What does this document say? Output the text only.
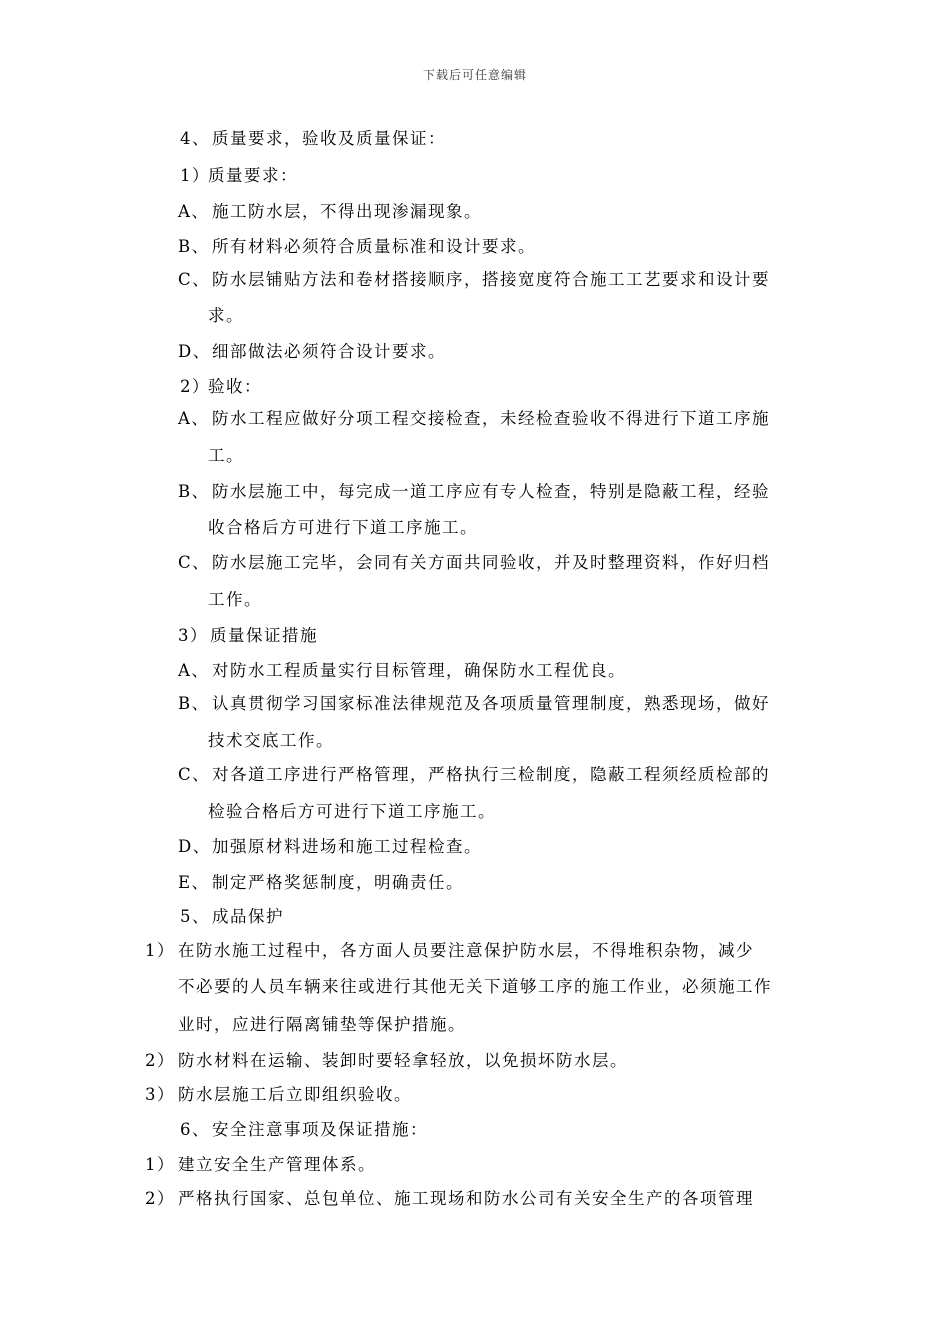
下载后可任意编辑
4、 质量要求，验收及质量保证：
1）
质量要求：
A、 施工防水层，不得出现渗漏现象。
B、 所有材料必须符合质量标准和设计要求。
C、 防水层铺贴方法和卷材搭接顺序，搭接宽度符合施工工艺要求和设计要
求。
D、 细部做法必须符合设计要求。
2）
验收：
A、 防水工程应做好分项工程交接检查，未经检查验收不得进行下道工序施
工。
B、 防水层施工中，每完成一道工序应有专人检查，特别是隐蔽工程，经验
收合格后方可进行下道工序施工。
C、 防水层施工完毕，会同有关方面共同验收，并及时整理资料，作好归档
工作。
3） 质量保证措施
A、 对防水工程质量实行目标管理，确保防水工程优良。
B、 认真贯彻学习国家标准法律规范及各项质量管理制度，熟悉现场，做好
技术交底工作。
C、 对各道工序进行严格管理，严格执行三检制度，隐蔽工程须经质检部的
检验合格后方可进行下道工序施工。
D、 加强原材料进场和施工过程检查。
E、 制定严格奖惩制度，明确责任。
5、 成品保护
1） 在防水施工过程中，各方面人员要注意保护防水层，不得堆积杂物，减少
不必要的人员车辆来往或进行其他无关下道够工序的施工作业，必须施工作
业时，应进行隔离铺垫等保护措施。
2） 防水材料在运输、装卸时要轻拿轻放，以免损坏防水层。
3） 防水层施工后立即组织验收。
6、 安全注意事项及保证措施：
1） 建立安全生产管理体系。
2） 严格执行国家、总包单位、施工现场和防水公司有关安全生产的各项管理
